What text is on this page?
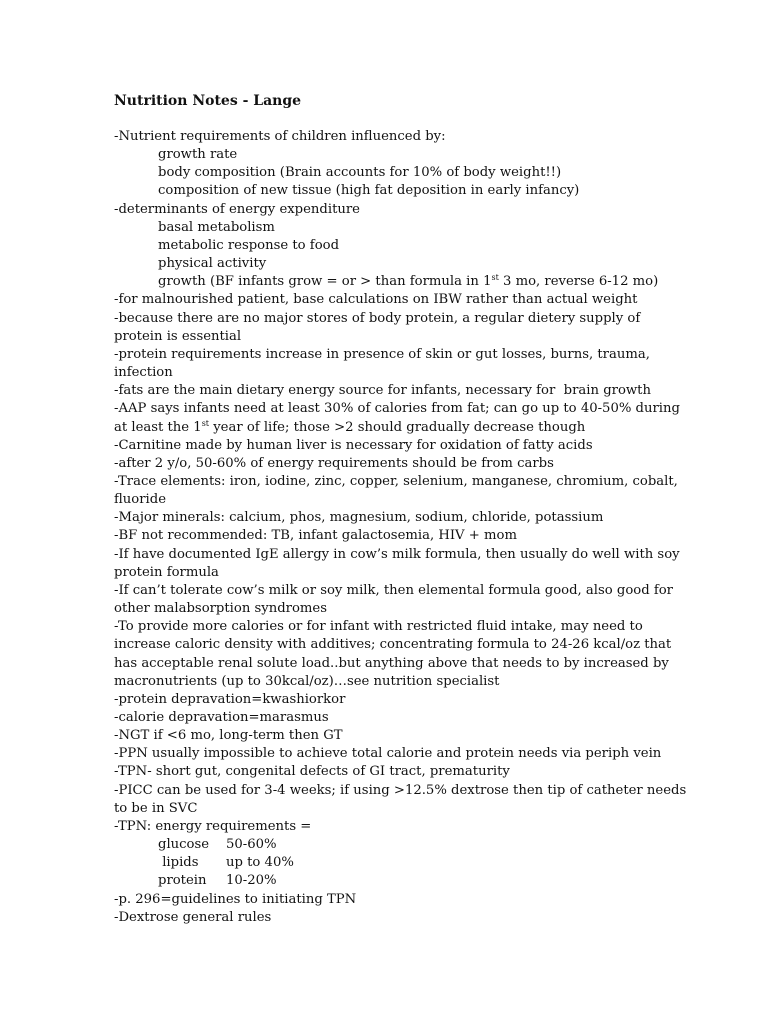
Nutrition Notes - Lange
-Nutrient requirements of children influenced by:
growth rate
body composition (Brain accounts for 10% of body weight!!)
composition of new tissue (high fat deposition in early infancy)
-determinants of energy expenditure
basal metabolism
metabolic response to food
physical activity
growth (BF infants grow = or > than formula in 1st 3 mo, reverse 6-12 mo)
-for malnourished patient, base calculations on IBW rather than actual weight
-because there are no major stores of body protein, a regular dietery supply of
protein is essential
-protein requirements increase in presence of skin or gut losses, burns, trauma,
infection
-fats are the main dietary energy source for infants, necessary for  brain growth
-AAP says infants need at least 30% of calories from fat; can go up to 40-50% during
at least the 1st year of life; those >2 should gradually decrease though
-Carnitine made by human liver is necessary for oxidation of fatty acids
-after 2 y/o, 50-60% of energy requirements should be from carbs
-Trace elements: iron, iodine, zinc, copper, selenium, manganese, chromium, cobalt,
fluoride
-Major minerals: calcium, phos, magnesium, sodium, chloride, potassium
-BF not recommended: TB, infant galactosemia, HIV + mom
-If have documented IgE allergy in cow’s milk formula, then usually do well with soy
protein formula
-If can’t tolerate cow’s milk or soy milk, then elemental formula good, also good for
other malabsorption syndromes
-To provide more calories or for infant with restricted fluid intake, may need to
increase caloric density with additives; concentrating formula to 24-26 kcal/oz that
has acceptable renal solute load..but anything above that needs to by increased by
macronutrients (up to 30kcal/oz)…see nutrition specialist
-protein depravation=kwashiorkor
-calorie depravation=marasmus
-NGT if <6 mo, long-term then GT
-PPN usually impossible to achieve total calorie and protein needs via periph vein
-TPN- short gut, congenital defects of GI tract, prematurity
-PICC can be used for 3-4 weeks; if using >12.5% dextrose then tip of catheter needs
to be in SVC
-TPN: energy requirements =
glucose	50-60%
lipids	up to 40%
protein	10-20%
-p. 296=guidelines to initiating TPN
-Dextrose general rules
